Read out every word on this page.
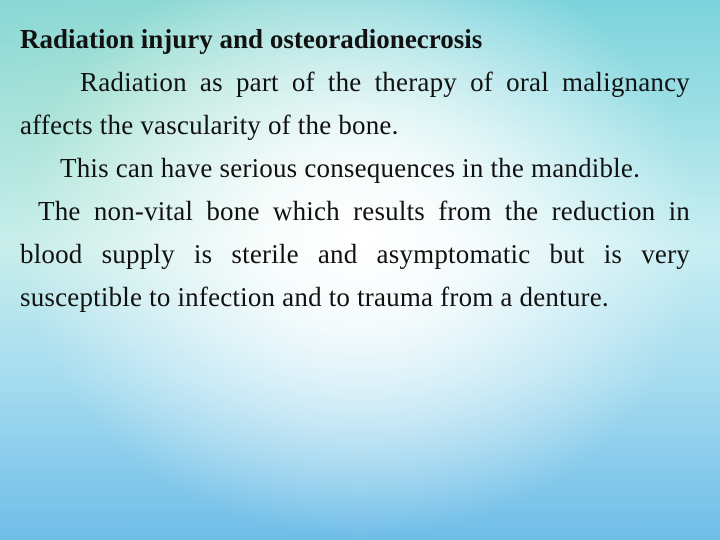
Radiation injury and osteoradionecrosis

Radiation as part of the therapy of oral malignancy affects the vascularity of the bone.

This can have serious consequences in the mandible.

The non-vital bone which results from the reduction in blood supply is sterile and asymptomatic but is very susceptible to infection and to trauma from a denture.
